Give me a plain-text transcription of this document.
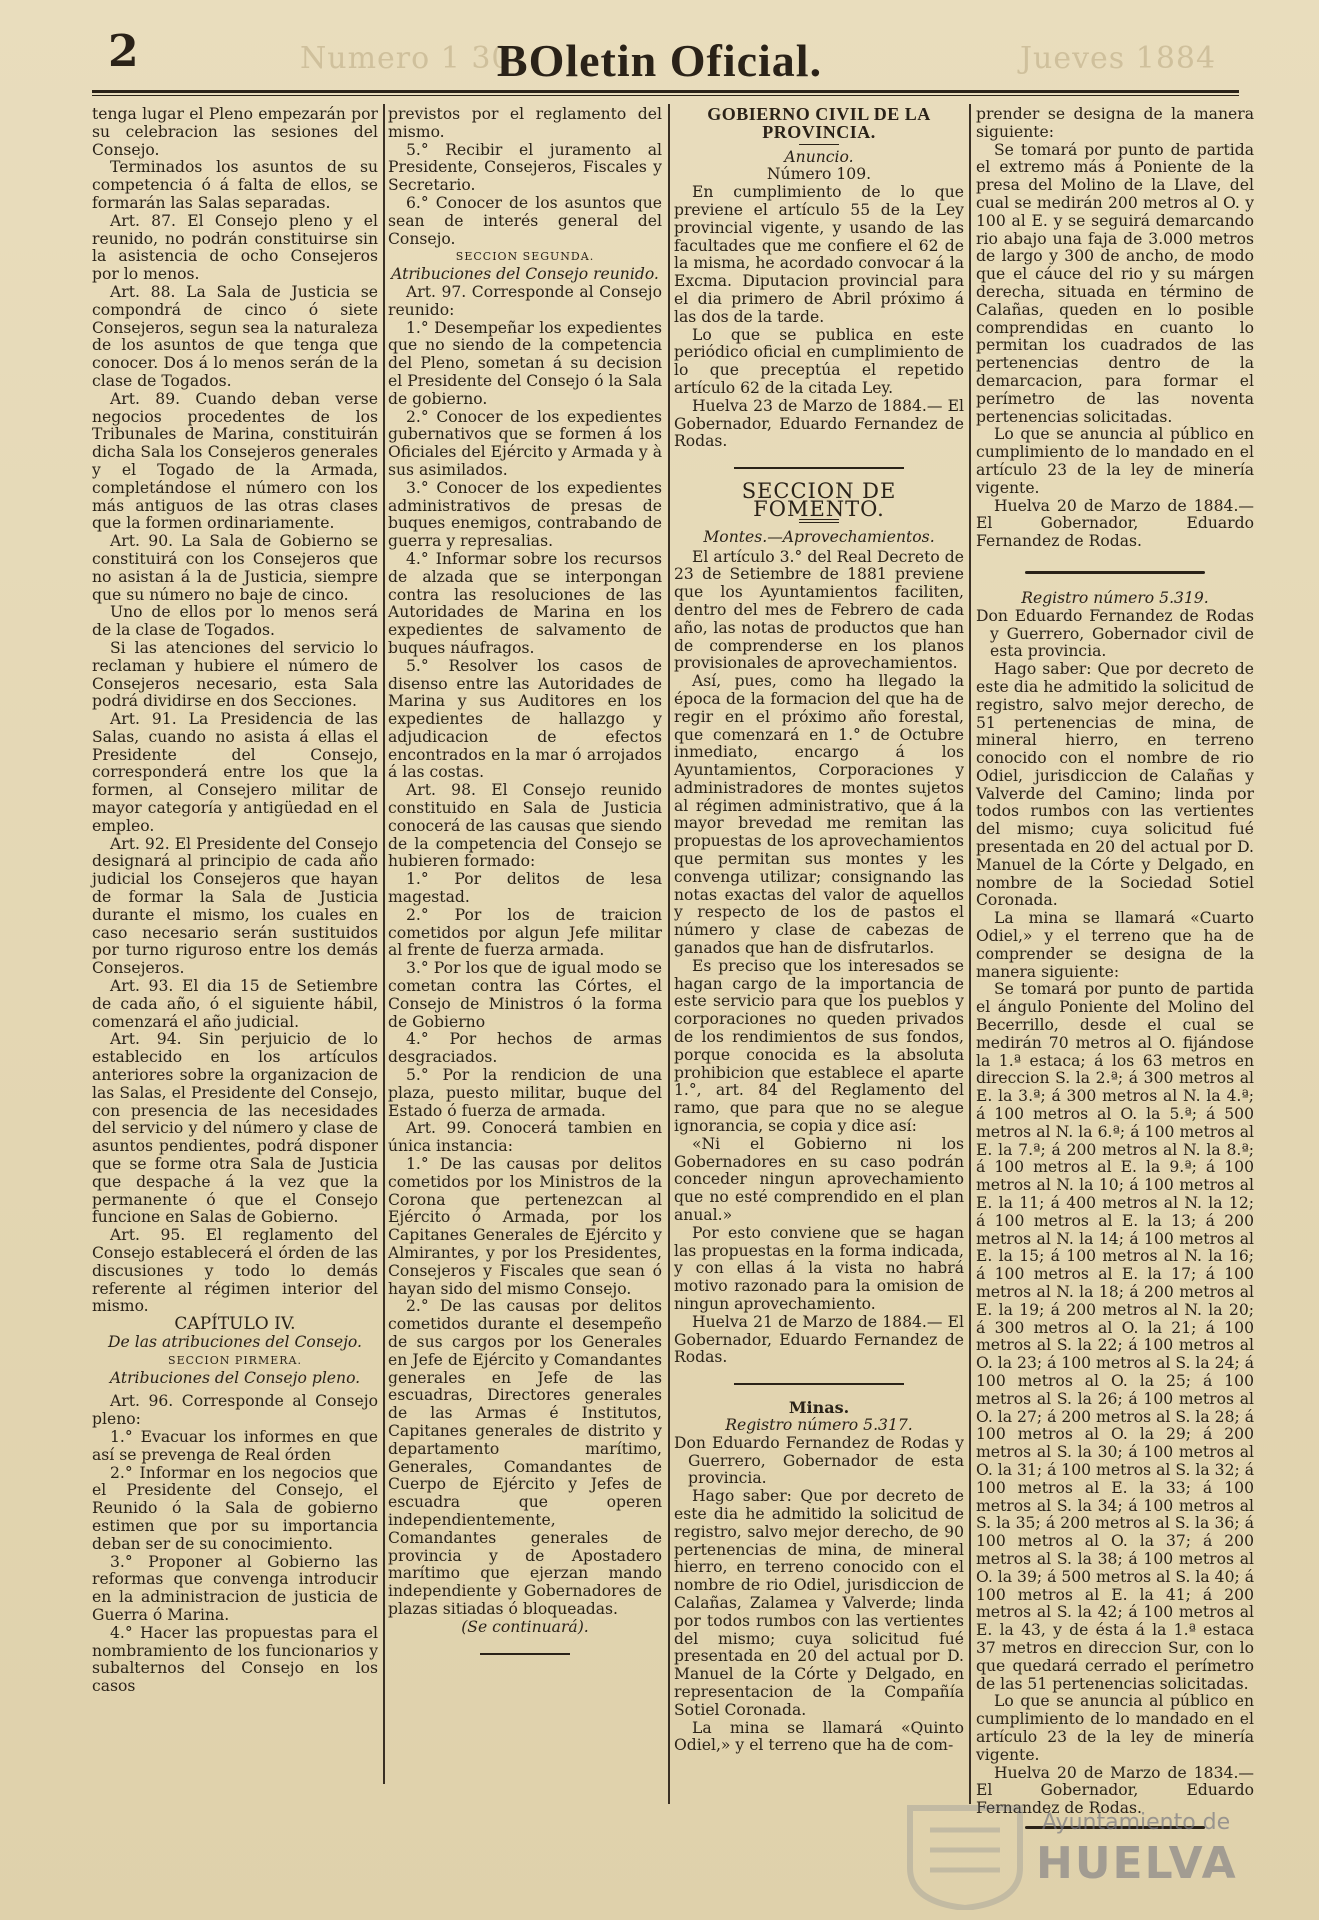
2	Numero 1 30	Jueves 1884
BOletin Oficial.

tenga lugar el Pleno empezarán por su celebracion las sesiones del Consejo.

Terminados los asuntos de su competencia ó á falta de ellos, se formarán las Salas separadas.

Art. 87. El Consejo pleno y el reunido, no podrán constituirse sin la asistencia de ocho Consejeros por lo menos.

Art. 88. La Sala de Justicia se compondrá de cinco ó siete Consejeros, segun sea la naturaleza de los asuntos de que tenga que conocer. Dos á lo menos serán de la clase de Togados.

Art. 89. Cuando deban verse negocios procedentes de los Tribunales de Marina, constituirán dicha Sala los Consejeros generales y el Togado de la Armada, completándose el número con los más antiguos de las otras clases que la formen ordinariamente.

Art. 90. La Sala de Gobierno se constituirá con los Consejeros que no asistan á la de Justicia, siempre que su número no baje de cinco.

Uno de ellos por lo menos será de la clase de Togados.

Si las atenciones del servicio lo reclaman y hubiere el número de Consejeros necesario, esta Sala podrá dividirse en dos Secciones.

Art. 91. La Presidencia de las Salas, cuando no asista á ellas el Presidente del Consejo, corresponderá entre los que la formen, al Consejero militar de mayor categoría y antigüedad en el empleo.

Art. 92. El Presidente del Consejo designará al principio de cada año judicial los Consejeros que hayan de formar la Sala de Justicia durante el mismo, los cuales en caso necesario serán sustituidos por turno riguroso entre los demás Consejeros.

Art. 93. El dia 15 de Setiembre de cada año, ó el siguiente hábil, comenzará el año judicial.

Art. 94. Sin perjuicio de lo establecido en los artículos anteriores sobre la organizacion de las Salas, el Presidente del Consejo, con presencia de las necesidades del servicio y del número y clase de asuntos pendientes, podrá disponer que se forme otra Sala de Justicia que despache á la vez que la permanente ó que el Consejo funcione en Salas de Gobierno.

Art. 95. El reglamento del Consejo establecerá el órden de las discusiones y todo lo demás referente al régimen interior del mismo.

CAPÍTULO IV.

De las atribuciones del Consejo.

SECCION PIRMERA.

Atribuciones del Consejo pleno.

Art. 96. Corresponde al Consejo pleno:

1.° Evacuar los informes en que así se prevenga de Real órden

2.° Informar en los negocios que el Presidente del Consejo, el Reunido ó la Sala de gobierno estimen que por su importancia deban ser de su conocimiento.

3.° Proponer al Gobierno las reformas que convenga introducir en la administracion de justicia de Guerra ó Marina.

4.° Hacer las propuestas para el nombramiento de los funcionarios y subalternos del Consejo en los casos

previstos por el reglamento del mismo.

5.° Recibir el juramento al Presidente, Consejeros, Fiscales y Secretario.

6.° Conocer de los asuntos que sean de interés general del Consejo.

SECCION SEGUNDA.

Atribuciones del Consejo reunido.

Art. 97. Corresponde al Consejo reunido:

1.° Desempeñar los expedientes que no siendo de la competencia del Pleno, sometan á su decision el Presidente del Consejo ó la Sala de gobierno.

2.° Conocer de los expedientes gubernativos que se formen á los Oficiales del Ejército y Armada y à sus asimilados.

3.° Conocer de los expedientes administrativos de presas de buques enemigos, contrabando de guerra y represalias.

4.° Informar sobre los recursos de alzada que se interpongan contra las resoluciones de las Autoridades de Marina en los expedientes de salvamento de buques náufragos.

5.° Resolver los casos de disenso entre las Autoridades de Marina y sus Auditores en los expedientes de hallazgo y adjudicacion de efectos encontrados en la mar ó arrojados á las costas.

Art. 98. El Consejo reunido constituido en Sala de Justicia conocerá de las causas que siendo de la competencia del Consejo se hubieren formado:

1.° Por delitos de lesa magestad.

2.° Por los de traicion cometidos por algun Jefe militar al frente de fuerza armada.

3.° Por los que de igual modo se cometan contra las Córtes, el Consejo de Ministros ó la forma de Gobierno

4.° Por hechos de armas desgraciados.

5.° Por la rendicion de una plaza, puesto militar, buque del Estado ó fuerza de armada.

Art. 99. Conocerá tambien en única instancia:

1.° De las causas por delitos cometidos por los Ministros de la Corona que pertenezcan al Ejército ó Armada, por los Capitanes Generales de Ejército y Almirantes, y por los Presidentes, Consejeros y Fiscales que sean ó hayan sido del mismo Consejo.

2.° De las causas por delitos cometidos durante el desempeño de sus cargos por los Generales en Jefe de Ejército y Comandantes generales en Jefe de las escuadras, Directores generales de las Armas é Institutos, Capitanes generales de distrito y departamento marítimo, Generales, Comandantes de Cuerpo de Ejército y Jefes de escuadra que operen independientemente, Comandantes generales de provincia y de Apostadero marítimo que ejerzan mando independiente y Gobernadores de plazas sitiadas ó bloqueadas.

(Se continuará).

GOBIERNO CIVIL DE LA PROVINCIA.

Anuncio.

Número 109.

En cumplimiento de lo que previene el artículo 55 de la Ley provincial vigente, y usando de las facultades que me confiere el 62 de la misma, he acordado convocar á la Excma. Diputacion provincial para el dia primero de Abril próximo á las dos de la tarde.

Lo que se publica en este periódico oficial en cumplimiento de lo que preceptúa el repetido artículo 62 de la citada Ley.

Huelva 23 de Marzo de 1884.— El Gobernador, Eduardo Fernandez de Rodas.

SECCION DE FOMENTO.

Montes.—Aprovechamientos.

El artículo 3.° del Real Decreto de 23 de Setiembre de 1881 previene que los Ayuntamientos faciliten, dentro del mes de Febrero de cada año, las notas de productos que han de comprenderse en los planos provisionales de aprovechamientos.

Así, pues, como ha llegado la época de la formacion del que ha de regir en el próximo año forestal, que comenzará en 1.° de Octubre inmediato, encargo á los Ayuntamientos, Corporaciones y administradores de montes sujetos al régimen administrativo, que á la mayor brevedad me remitan las propuestas de los aprovechamientos que permitan sus montes y les convenga utilizar; consignando las notas exactas del valor de aquellos y respecto de los de pastos el número y clase de cabezas de ganados que han de disfrutarlos.

Es preciso que los interesados se hagan cargo de la importancia de este servicio para que los pueblos y corporaciones no queden privados de los rendimientos de sus fondos, porque conocida es la absoluta prohibicion que establece el aparte 1.°, art. 84 del Reglamento del ramo, que para que no se alegue ignorancia, se copia y dice así:

«Ni el Gobierno ni los Gobernadores en su caso podrán conceder ningun aprovechamiento que no esté comprendido en el plan anual.»

Por esto conviene que se hagan las propuestas en la forma indicada, y con ellas á la vista no habrá motivo razonado para la omision de ningun aprovechamiento.

Huelva 21 de Marzo de 1884.— El Gobernador, Eduardo Fernandez de Rodas.

Minas.

Registro número 5.317.

Don Eduardo Fernandez de Rodas y Guerrero, Gobernador de esta provincia.

Hago saber: Que por decreto de este dia he admitido la solicitud de registro, salvo mejor derecho, de 90 pertenencias de mina, de mineral hierro, en terreno conocido con el nombre de rio Odiel, jurisdiccion de Calañas, Zalamea y Valverde; linda por todos rumbos con las vertientes del mismo; cuya solicitud fué presentada en 20 del actual por D. Manuel de la Córte y Delgado, en representacion de la Compañía Sotiel Coronada.

La mina se llamará «Quinto Odiel,» y el terreno que ha de com-

prender se designa de la manera siguiente:

Se tomará por punto de partida el extremo más á Poniente de la presa del Molino de la Llave, del cual se medirán 200 metros al O. y 100 al E. y se seguirá demarcando rio abajo una faja de 3.000 metros de largo y 300 de ancho, de modo que el cáuce del rio y su márgen derecha, situada en término de Calañas, queden en lo posible comprendidas en cuanto lo permitan los cuadrados de las pertenencias dentro de la demarcacion, para formar el perímetro de las noventa pertenencias solicitadas.

Lo que se anuncia al público en cumplimiento de lo mandado en el artículo 23 de la ley de minería vigente.

Huelva 20 de Marzo de 1884.— El Gobernador, Eduardo Fernandez de Rodas.

Registro número 5.319.

Don Eduardo Fernandez de Rodas y Guerrero, Gobernador civil de esta provincia.

Hago saber: Que por decreto de este dia he admitido la solicitud de registro, salvo mejor derecho, de 51 pertenencias de mina, de mineral hierro, en terreno conocido con el nombre de rio Odiel, jurisdiccion de Calañas y Valverde del Camino; linda por todos rumbos con las vertientes del mismo; cuya solicitud fué presentada en 20 del actual por D. Manuel de la Córte y Delgado, en nombre de la Sociedad Sotiel Coronada.

La mina se llamará «Cuarto Odiel,» y el terreno que ha de comprender se designa de la manera siguiente:

Se tomará por punto de partida el ángulo Poniente del Molino del Becerrillo, desde el cual se medirán 70 metros al O. fijándose la 1.ª estaca; á los 63 metros en direccion S. la 2.ª; á 300 metros al E. la 3.ª; á 300 metros al N. la 4.ª; á 100 metros al O. la 5.ª; á 500 metros al N. la 6.ª; á 100 metros al E. la 7.ª; á 200 metros al N. la 8.ª; á 100 metros al E. la 9.ª; á 100 metros al N. la 10; á 100 metros al E. la 11; á 400 metros al N. la 12; á 100 metros al E. la 13; á 200 metros al N. la 14; á 100 metros al E. la 15; á 100 metros al N. la 16; á 100 metros al E. la 17; á 100 metros al N. la 18; á 200 metros al E. la 19; á 200 metros al N. la 20; á 300 metros al O. la 21; á 100 metros al S. la 22; á 100 metros al O. la 23; á 100 metros al S. la 24; á 100 metros al O. la 25; á 100 metros al S. la 26; á 100 metros al O. la 27; á 200 metros al S. la 28; á 100 metros al O. la 29; á 200 metros al S. la 30; á 100 metros al O. la 31; á 100 metros al S. la 32; á 100 metros al E. la 33; á 100 metros al S. la 34; á 100 metros al S. la 35; á 200 metros al S. la 36; á 100 metros al O. la 37; á 200 metros al S. la 38; á 100 metros al O. la 39; á 500 metros al S. la 40; á 100 metros al E. la 41; á 200 metros al S. la 42; á 100 metros al E. la 43, y de ésta á la 1.ª estaca 37 metros en direccion Sur, con lo que quedará cerrado el perímetro de las 51 pertenencias solicitadas.

Lo que se anuncia al público en cumplimiento de lo mandado en el artículo 23 de la ley de minería vigente.

Huelva 20 de Marzo de 1834.— El Gobernador, Eduardo Fernandez de Rodas.

Ayuntamiento de
HUELVA
